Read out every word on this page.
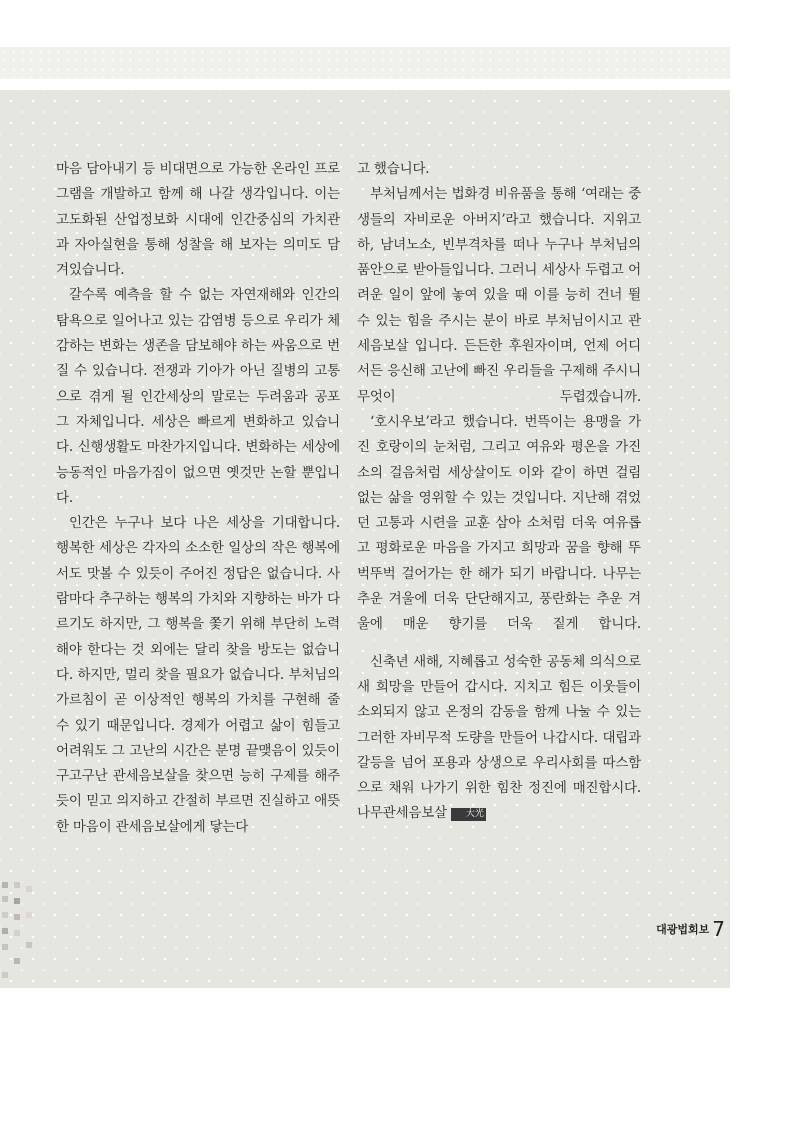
마음 담아내기 등 비대면으로 가능한 온라인 프로그램을 개발하고 함께 해 나갈 생각입니다. 이는 고도화된 산업정보화 시대에 인간중심의 가치관과 자아실현을 통해 성찰을 해 보자는 의미도 담겨있습니다.

갈수록 예측을 할 수 없는 자연재해와 인간의 탐욕으로 일어나고 있는 감염병 등으로 우리가 체감하는 변화는 생존을 담보해야 하는 싸움으로 번질 수 있습니다. 전쟁과 기아가 아닌 질병의 고통으로 겪게 될 인간세상의 말로는 두려움과 공포 그 자체입니다. 세상은 빠르게 변화하고 있습니다. 신행생활도 마찬가지입니다. 변화하는 세상에 능동적인 마음가짐이 없으면 옛것만 논할 뿐입니다.

인간은 누구나 보다 나은 세상을 기대합니다. 행복한 세상은 각자의 소소한 일상의 작은 행복에서도 맛볼 수 있듯이 주어진 정답은 없습니다. 사람마다 추구하는 행복의 가치와 지향하는 바가 다르기도 하지만, 그 행복을 쫓기 위해 부단히 노력해야 한다는 것 외에는 달리 찾을 방도는 없습니다. 하지만, 멀리 찾을 필요가 없습니다. 부처님의 가르침이 곧 이상적인 행복의 가치를 구현해 줄 수 있기 때문입니다. 경제가 어렵고 삶이 힘들고 어려워도 그 고난의 시간은 분명 끝맺음이 있듯이 구고구난 관세음보살을 찾으면 능히 구제를 해주듯이 믿고 의지하고 간절히 부르면 진실하고 애뜻한 마음이 관세음보살에게 닿는다

고 했습니다.

부처님께서는 법화경 비유품을 통해 ‘여래는 중생들의 자비로운 아버지’라고 했습니다. 지위고하, 남녀노소, 빈부격차를 떠나 누구나 부처님의 품안으로 받아들입니다. 그러니 세상사 두렵고 어려운 일이 앞에 놓여 있을 때 이를 능히 건너 뛸 수 있는 힘을 주시는 분이 바로 부처님이시고 관세음보살 입니다. 든든한 후원자이며, 언제 어디서든 응신해 고난에 빠진 우리들을 구제해 주시니 무엇이 두렵겠습니까.

‘호시우보’라고 했습니다. 번뜩이는 용맹을 가진 호랑이의 눈처럼, 그리고 여유와 평온을 가진 소의 걸음처럼 세상살이도 이와 같이 하면 걸림 없는 삶을 영위할 수 있는 것입니다. 지난해 겪었던 고통과 시련을 교훈 삼아 소처럼 더욱 여유롭고 평화로운 마음을 가지고 희망과 꿈을 향해 뚜벅뚜벅 걸어가는 한 해가 되기 바랍니다. 나무는 추운 겨울에 더욱 단단해지고, 풍란화는 추운 겨울에 매운 향기를 더욱 짙게 합니다.

신축년 새해, 지혜롭고 성숙한 공동체 의식으로 새 희망을 만들어 갑시다. 지치고 힘든 이웃들이 소외되지 않고 온정의 감동을 함께 나눌 수 있는 그러한 자비무적 도량을 만들어 나갑시다. 대립과 갈등을 넘어 포용과 상생으로 우리사회를 따스함으로 채워 나가기 위한 힘찬 정진에 매진합시다. 나무관세음보살 大光

대광법회보 7
